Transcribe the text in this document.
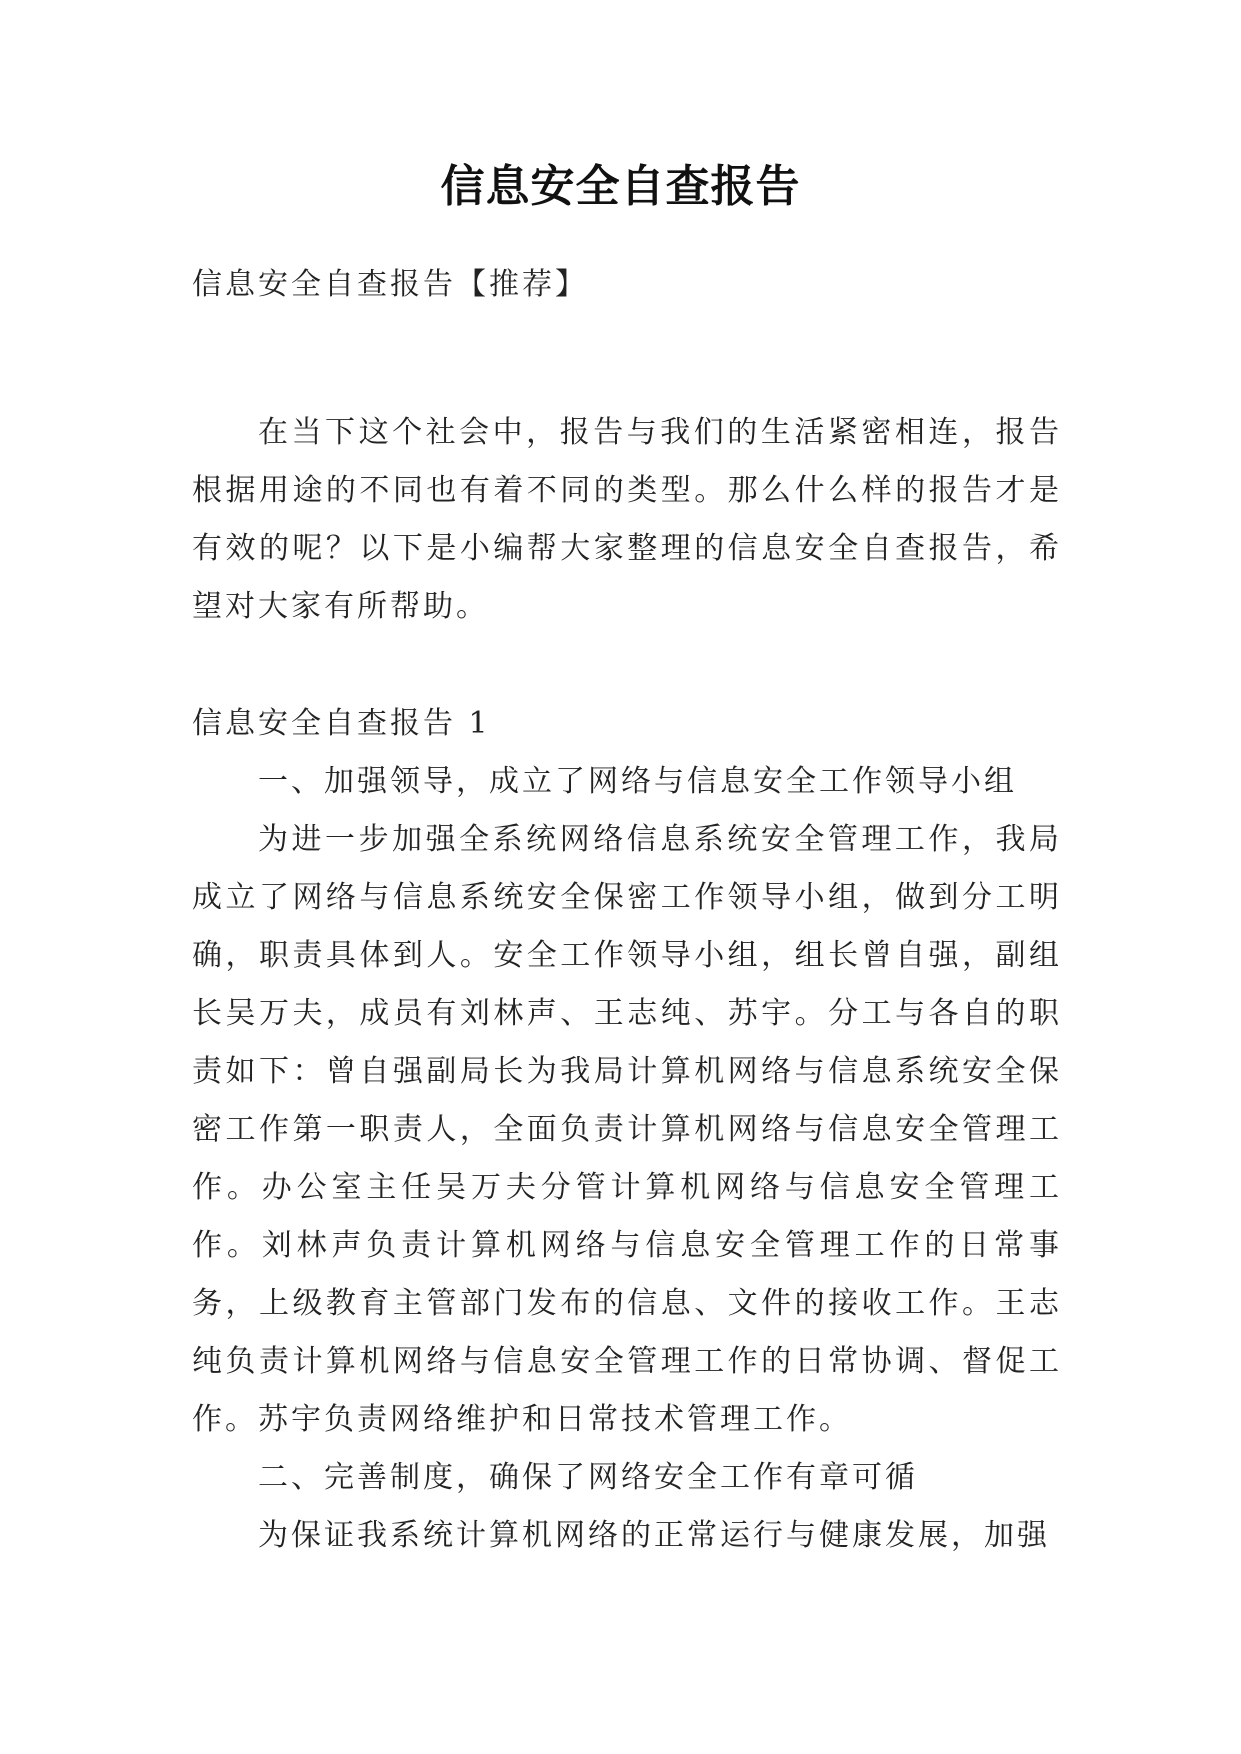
信息安全自查报告
信息安全自查报告【推荐】

在当下这个社会中，报告与我们的生活紧密相连，报告根据用途的不同也有着不同的类型。那么什么样的报告才是有效的呢？以下是小编帮大家整理的信息安全自查报告，希望对大家有所帮助。

信息安全自查报告 1

一、加强领导，成立了网络与信息安全工作领导小组

为进一步加强全系统网络信息系统安全管理工作，我局成立了网络与信息系统安全保密工作领导小组，做到分工明确，职责具体到人。安全工作领导小组，组长曾自强，副组长吴万夫，成员有刘林声、王志纯、苏宇。分工与各自的职责如下：曾自强副局长为我局计算机网络与信息系统安全保密工作第一职责人，全面负责计算机网络与信息安全管理工作。办公室主任吴万夫分管计算机网络与信息安全管理工作。刘林声负责计算机网络与信息安全管理工作的日常事务，上级教育主管部门发布的信息、文件的接收工作。王志纯负责计算机网络与信息安全管理工作的日常协调、督促工作。苏宇负责网络维护和日常技术管理工作。

二、完善制度，确保了网络安全工作有章可循

为保证我系统计算机网络的正常运行与健康发展，加强
